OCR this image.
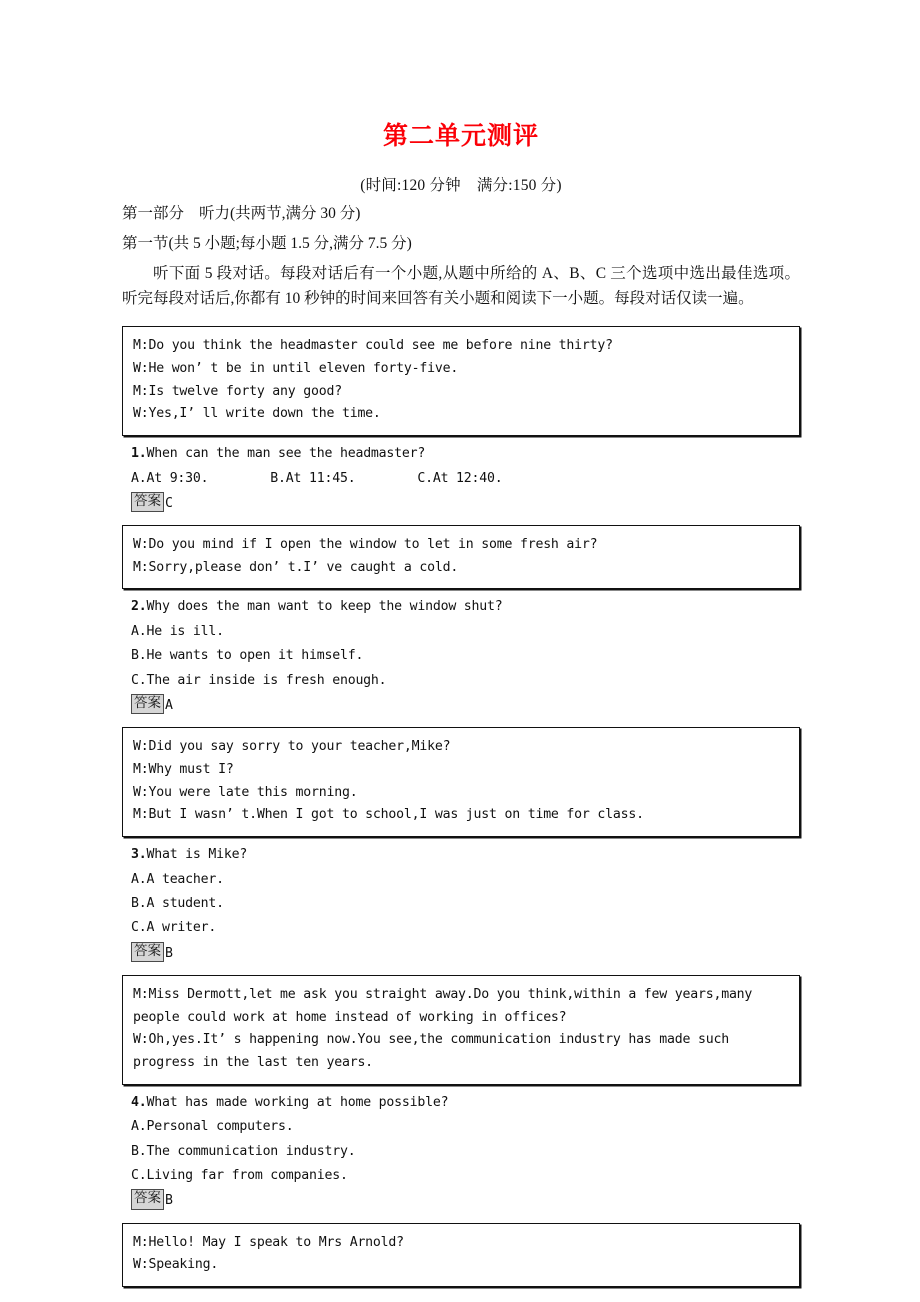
第二单元测评
(时间:120 分钟 满分:150 分)
第一部分 听力(共两节,满分 30 分)
第一节(共 5 小题;每小题 1.5 分,满分 7.5 分)

听下面 5 段对话。每段对话后有一个小题,从题中所给的 A、B、C 三个选项中选出最佳选项。听完每段对话后,你都有 10 秒钟的时间来回答有关小题和阅读下一小题。每段对话仅读一遍。

M:Do you think the headmaster could see me before nine thirty?
W:He won’ t be in until eleven forty-five.
M:Is twelve forty any good?
W:Yes,I’ ll write down the time.
1.When can the man see the headmaster?
A.At 9:30.        B.At 11:45.        C.At 12:40.
答案 C
W:Do you mind if I open the window to let in some fresh air?
M:Sorry,please don’ t.I’ ve caught a cold.
2.Why does the man want to keep the window shut?
A.He is ill.
B.He wants to open it himself.
C.The air inside is fresh enough.
答案 A
W:Did you say sorry to your teacher,Mike?
M:Why must I?
W:You were late this morning.
M:But I wasn’ t.When I got to school,I was just on time for class.
3.What is Mike?
A.A teacher.
B.A student.
C.A writer.
答案 B
M:Miss Dermott,let me ask you straight away.Do you think,within a few years,many people could work at home instead of working in offices?
W:Oh,yes.It’ s happening now.You see,the communication industry has made such progress in the last ten years.
4.What has made working at home possible?
A.Personal computers.
B.The communication industry.
C.Living far from companies.
答案 B
M:Hello! May I speak to Mrs Arnold?
W:Speaking.
